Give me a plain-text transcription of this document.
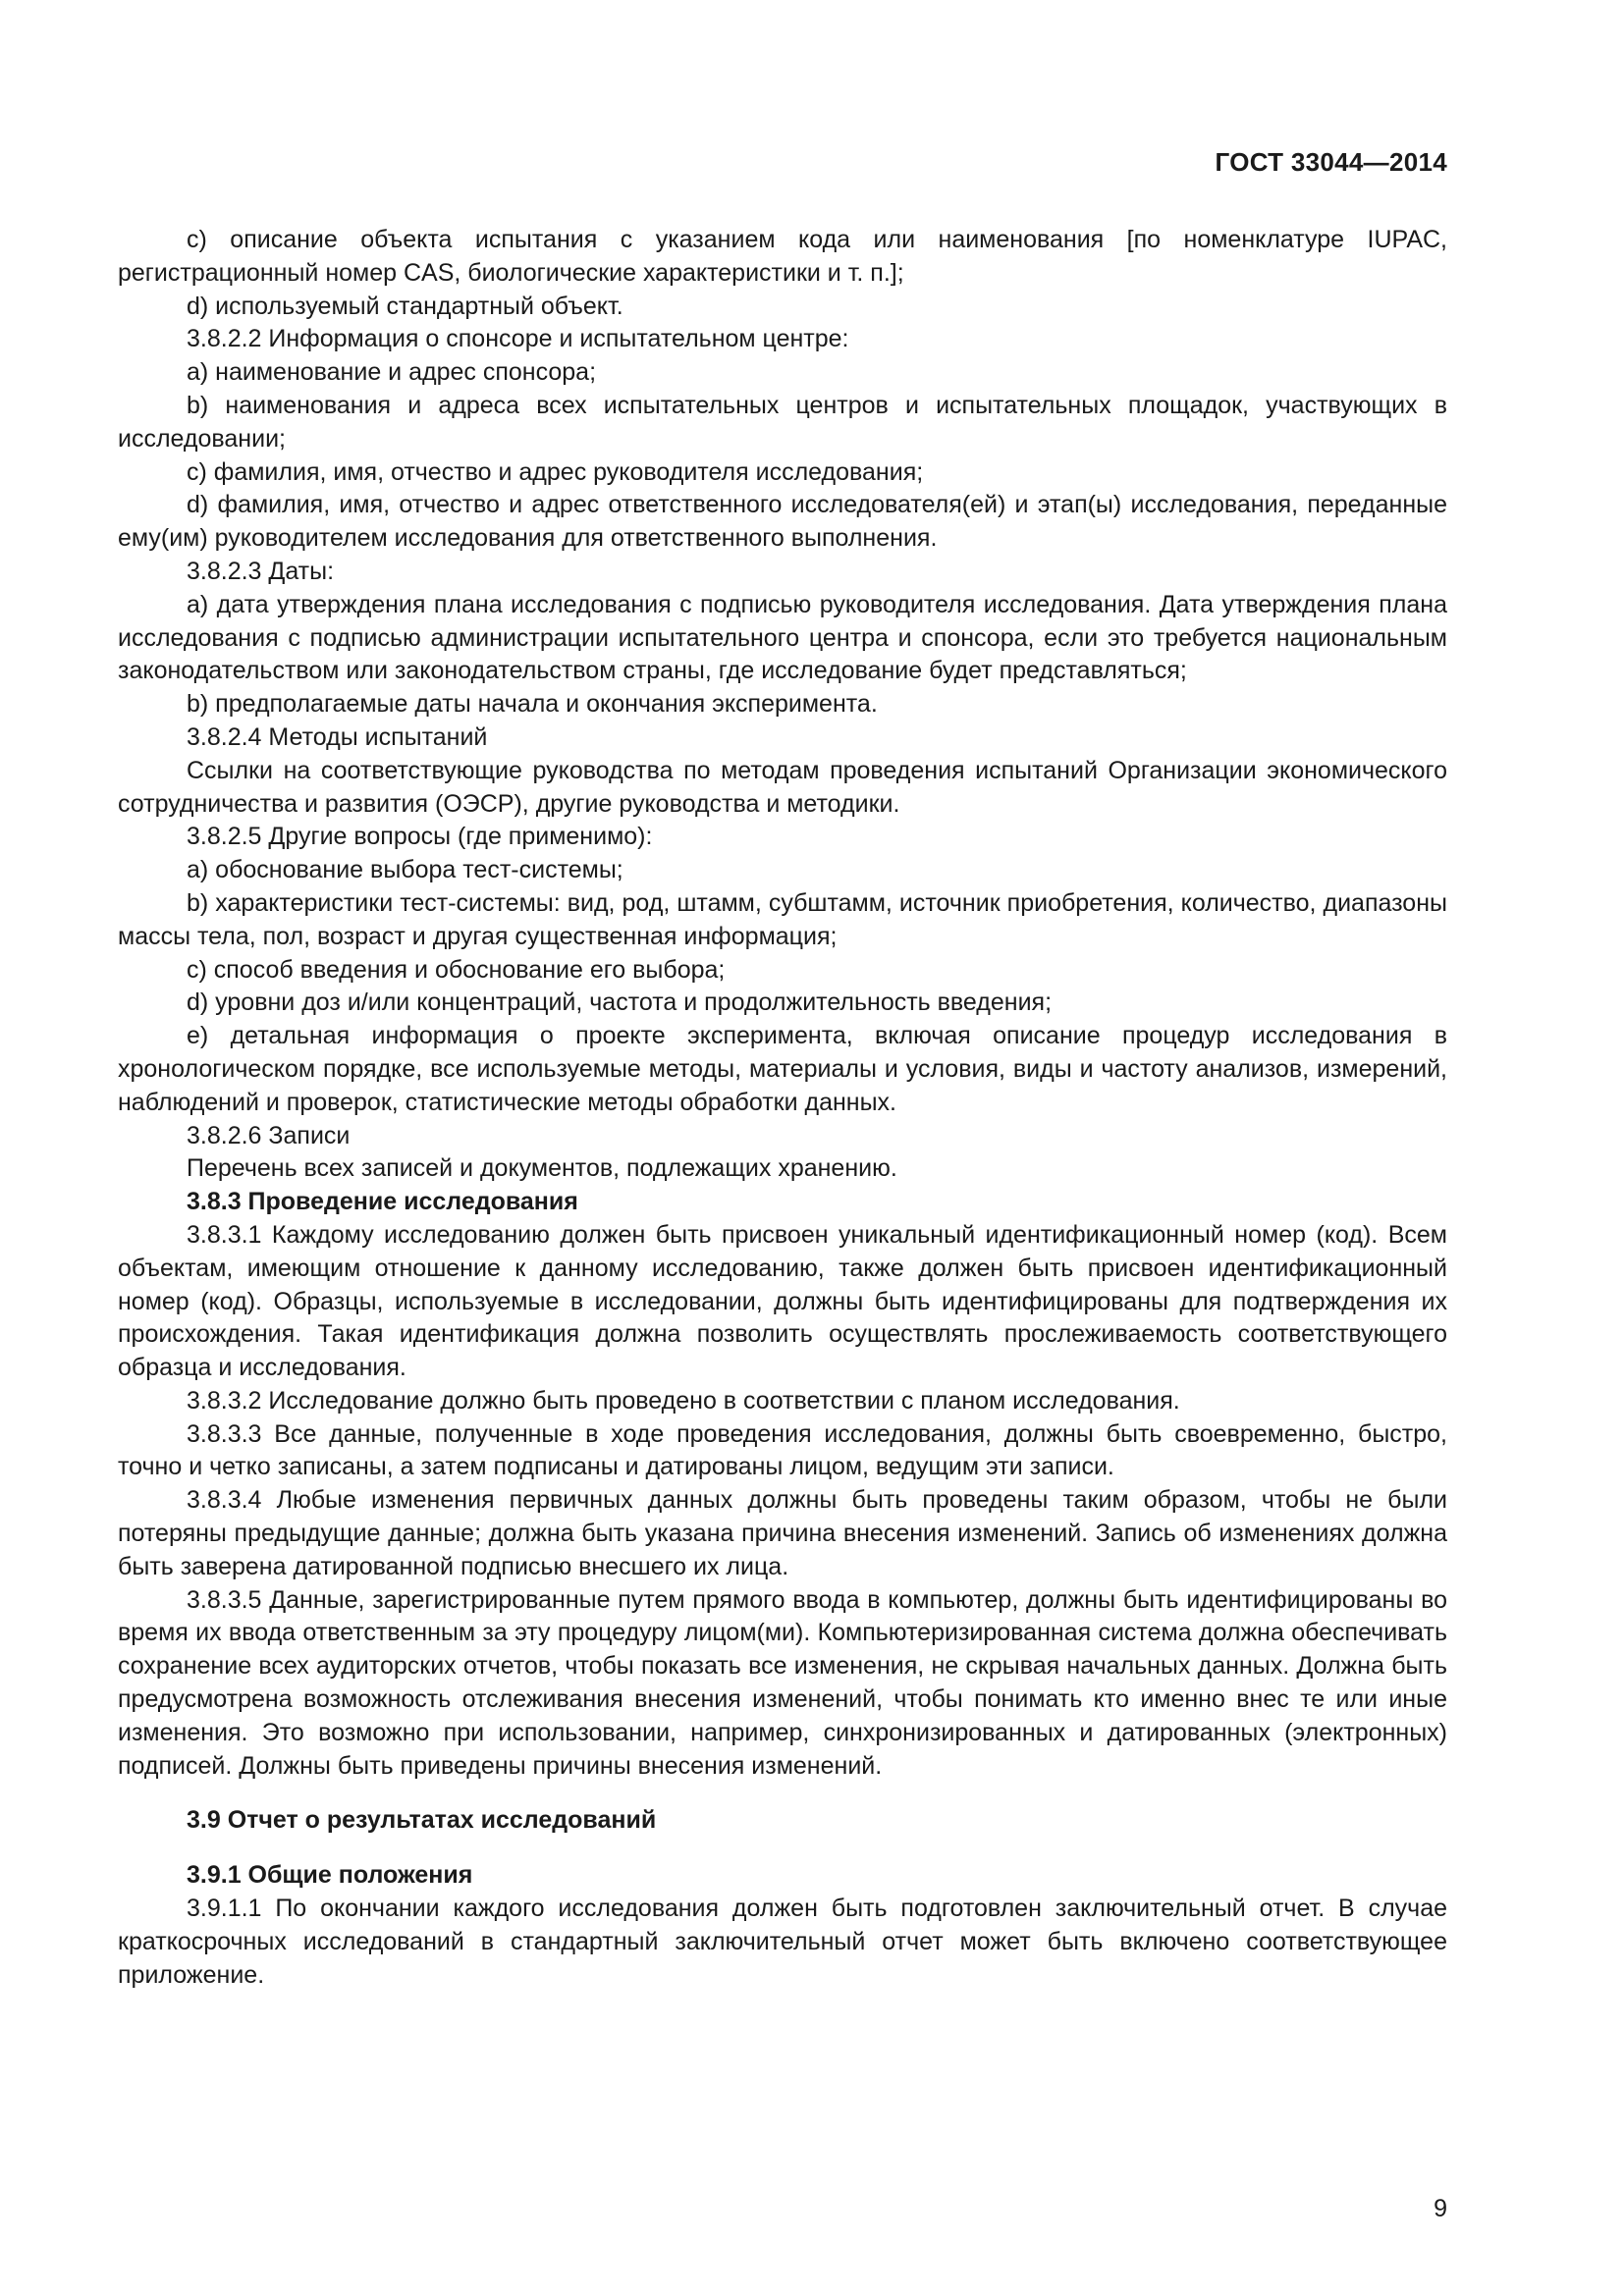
ГОСТ 33044—2014

c) описание объекта испытания с указанием кода или наименования [по номенклатуре IUPAC, регистрационный номер CAS, биологические характеристики и т. п.];

d) используемый стандартный объект.

3.8.2.2 Информация о спонсоре и испытательном центре:

a) наименование и адрес спонсора;

b) наименования и адреса всех испытательных центров и испытательных площадок, участвующих в исследовании;

c) фамилия, имя, отчество и адрес руководителя исследования;

d) фамилия, имя, отчество и адрес ответственного исследователя(ей) и этап(ы) исследования, переданные ему(им) руководителем исследования для ответственного выполнения.

3.8.2.3 Даты:

a) дата утверждения плана исследования с подписью руководителя исследования. Дата утверждения плана исследования с подписью администрации испытательного центра и спонсора, если это требуется национальным законодательством или законодательством страны, где исследование будет представляться;

b) предполагаемые даты начала и окончания эксперимента.

3.8.2.4 Методы испытаний

Ссылки на соответствующие руководства по методам проведения испытаний Организации экономического сотрудничества и развития (ОЭСР), другие руководства и методики.

3.8.2.5 Другие вопросы (где применимо):

a) обоснование выбора тест-системы;

b) характеристики тест-системы: вид, род, штамм, субштамм, источник приобретения, количество, диапазоны массы тела, пол, возраст и другая существенная информация;

c) способ введения и обоснование его выбора;

d) уровни доз и/или концентраций, частота и продолжительность введения;

e) детальная информация о проекте эксперимента, включая описание процедур исследования в хронологическом порядке, все используемые методы, материалы и условия, виды и частоту анализов, измерений, наблюдений и проверок, статистические методы обработки данных.

3.8.2.6 Записи

Перечень всех записей и документов, подлежащих хранению.

3.8.3 Проведение исследования

3.8.3.1 Каждому исследованию должен быть присвоен уникальный идентификационный номер (код). Всем объектам, имеющим отношение к данному исследованию, также должен быть присвоен идентификационный номер (код). Образцы, используемые в исследовании, должны быть идентифицированы для подтверждения их происхождения. Такая идентификация должна позволить осуществлять прослеживаемость соответствующего образца и исследования.

3.8.3.2 Исследование должно быть проведено в соответствии с планом исследования.

3.8.3.3 Все данные, полученные в ходе проведения исследования, должны быть своевременно, быстро, точно и четко записаны, а затем подписаны и датированы лицом, ведущим эти записи.

3.8.3.4 Любые изменения первичных данных должны быть проведены таким образом, чтобы не были потеряны предыдущие данные; должна быть указана причина внесения изменений. Запись об изменениях должна быть заверена датированной подписью внесшего их лица.

3.8.3.5 Данные, зарегистрированные путем прямого ввода в компьютер, должны быть идентифицированы во время их ввода ответственным за эту процедуру лицом(ми). Компьютеризированная система должна обеспечивать сохранение всех аудиторских отчетов, чтобы показать все изменения, не скрывая начальных данных. Должна быть предусмотрена возможность отслеживания внесения изменений, чтобы понимать кто именно внес те или иные изменения. Это возможно при использовании, например, синхронизированных и датированных (электронных) подписей. Должны быть приведены причины внесения изменений.

3.9 Отчет о результатах исследований

3.9.1 Общие положения

3.9.1.1 По окончании каждого исследования должен быть подготовлен заключительный отчет. В случае краткосрочных исследований в стандартный заключительный отчет может быть включено соответствующее приложение.

9
